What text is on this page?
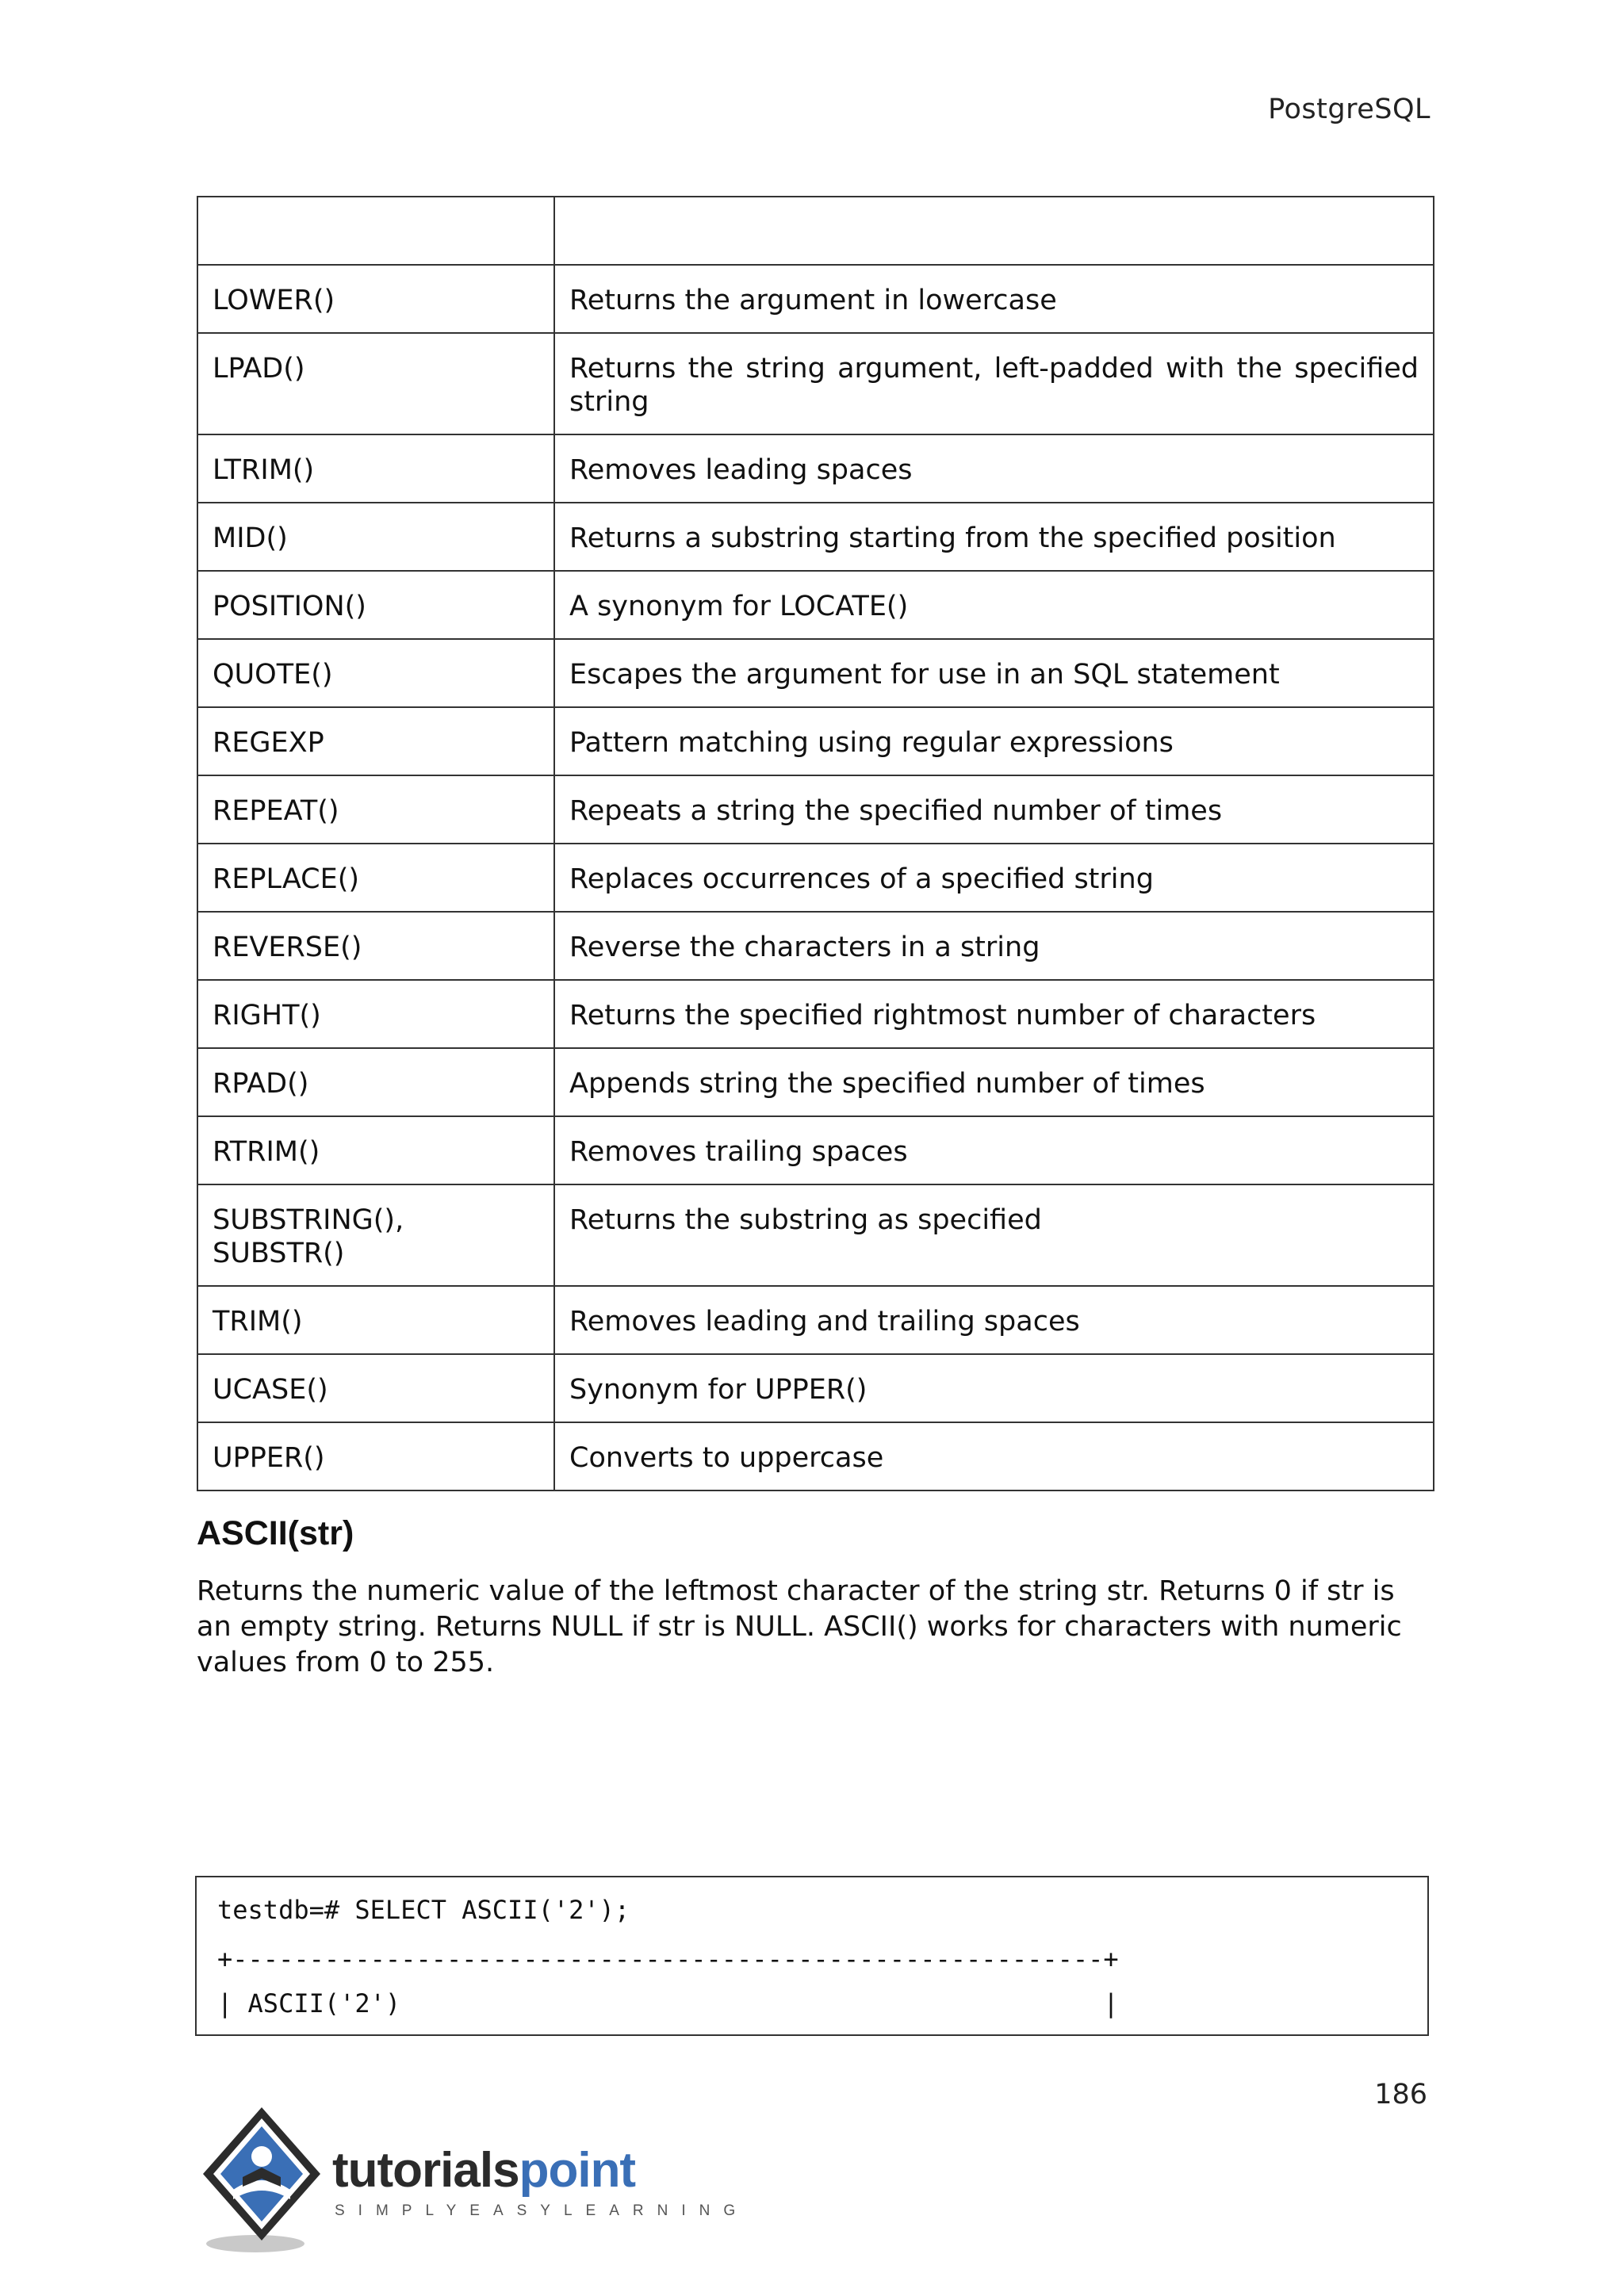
PostgreSQL

LOWER()	Returns the argument in lowercase
LPAD()	Returns the string argument, left-padded with the specified string
LTRIM()	Removes leading spaces
MID()	Returns a substring starting from the specified position
POSITION()	A synonym for LOCATE()
QUOTE()	Escapes the argument for use in an SQL statement
REGEXP	Pattern matching using regular expressions
REPEAT()	Repeats a string the specified number of times
REPLACE()	Replaces occurrences of a specified string
REVERSE()	Reverse the characters in a string
RIGHT()	Returns the specified rightmost number of characters
RPAD()	Appends string the specified number of times
RTRIM()	Removes trailing spaces
SUBSTRING(), SUBSTR()	Returns the substring as specified
TRIM()	Removes leading and trailing spaces
UCASE()	Synonym for UPPER()
UPPER()	Converts to uppercase
ASCII(str)
Returns the numeric value of the leftmost character of the string str. Returns 0 if str is an empty string. Returns NULL if str is NULL. ASCII() works for characters with numeric values from 0 to 255.
testdb=# SELECT ASCII('2');
+---------------------------------------------------------+
| ASCII('2')                                              |
186
tutorialspoint
SIMPLYEASYLEARNING
